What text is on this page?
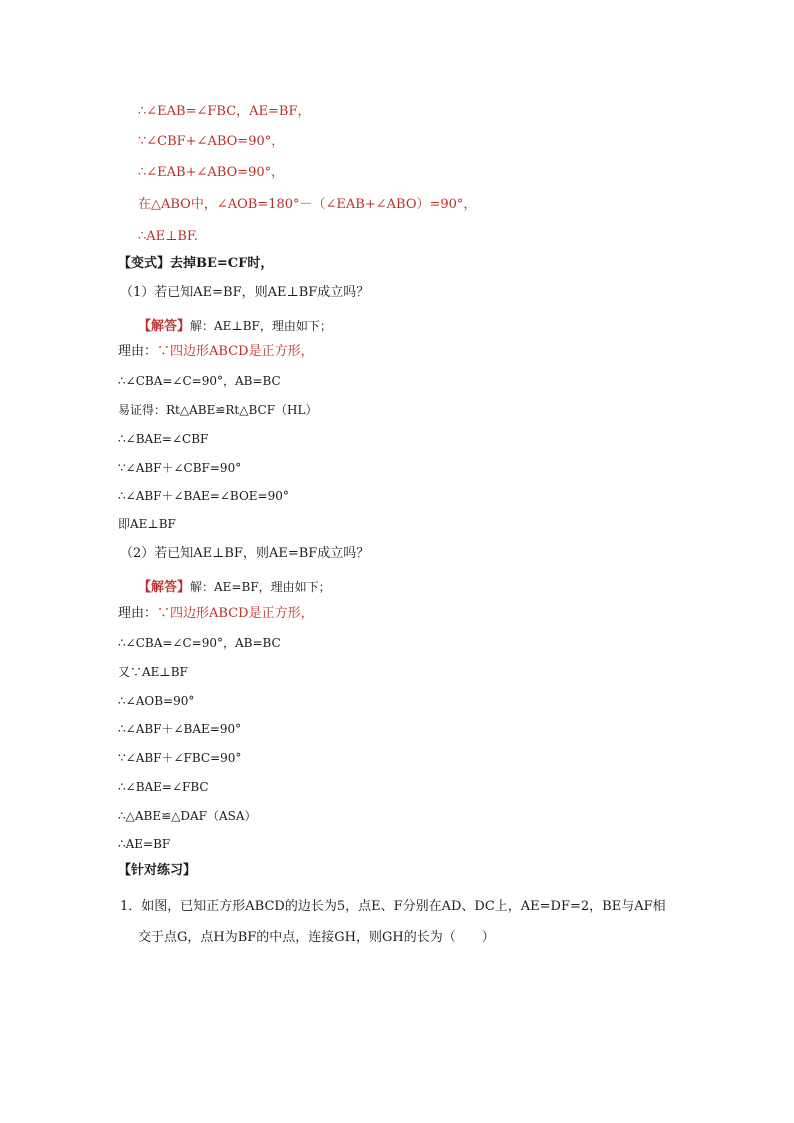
∴∠EAB=∠FBC，AE=BF，
∵∠CBF+∠ABO=90°，
∴∠EAB+∠ABO=90°，
在△ABO中，∠AOB=180°－（∠EAB+∠ABO）=90°，
∴AE⊥BF.
【变式】去掉BE=CF时，
（1）若已知AE=BF，则AE⊥BF成立吗？
【解答】解：AE⊥BF，理由如下；
理由：∵四边形ABCD是正方形，
∴∠CBA=∠C=90°，AB=BC
易证得：Rt△ABE≌Rt△BCF（HL）
∴∠BAE=∠CBF
∵∠ABF＋∠CBF=90°
∴∠ABF＋∠BAE=∠BOE=90°
即AE⊥BF
（2）若已知AE⊥BF，则AE=BF成立吗？
【解答】解：AE=BF，理由如下；
理由：∵四边形ABCD是正方形，
∴∠CBA=∠C=90°，AB=BC
又∵AE⊥BF
∴∠AOB=90°
∴∠ABF＋∠BAE=90°
∵∠ABF＋∠FBC=90°
∴∠BAE=∠FBC
∴△ABE≌△DAF（ASA）
∴AE=BF
【针对练习】
1．如图，已知正方形ABCD的边长为5，点E、F分别在AD、DC上，AE=DF=2，BE与AF相
交于点G，点H为BF的中点，连接GH，则GH的长为（　　）
